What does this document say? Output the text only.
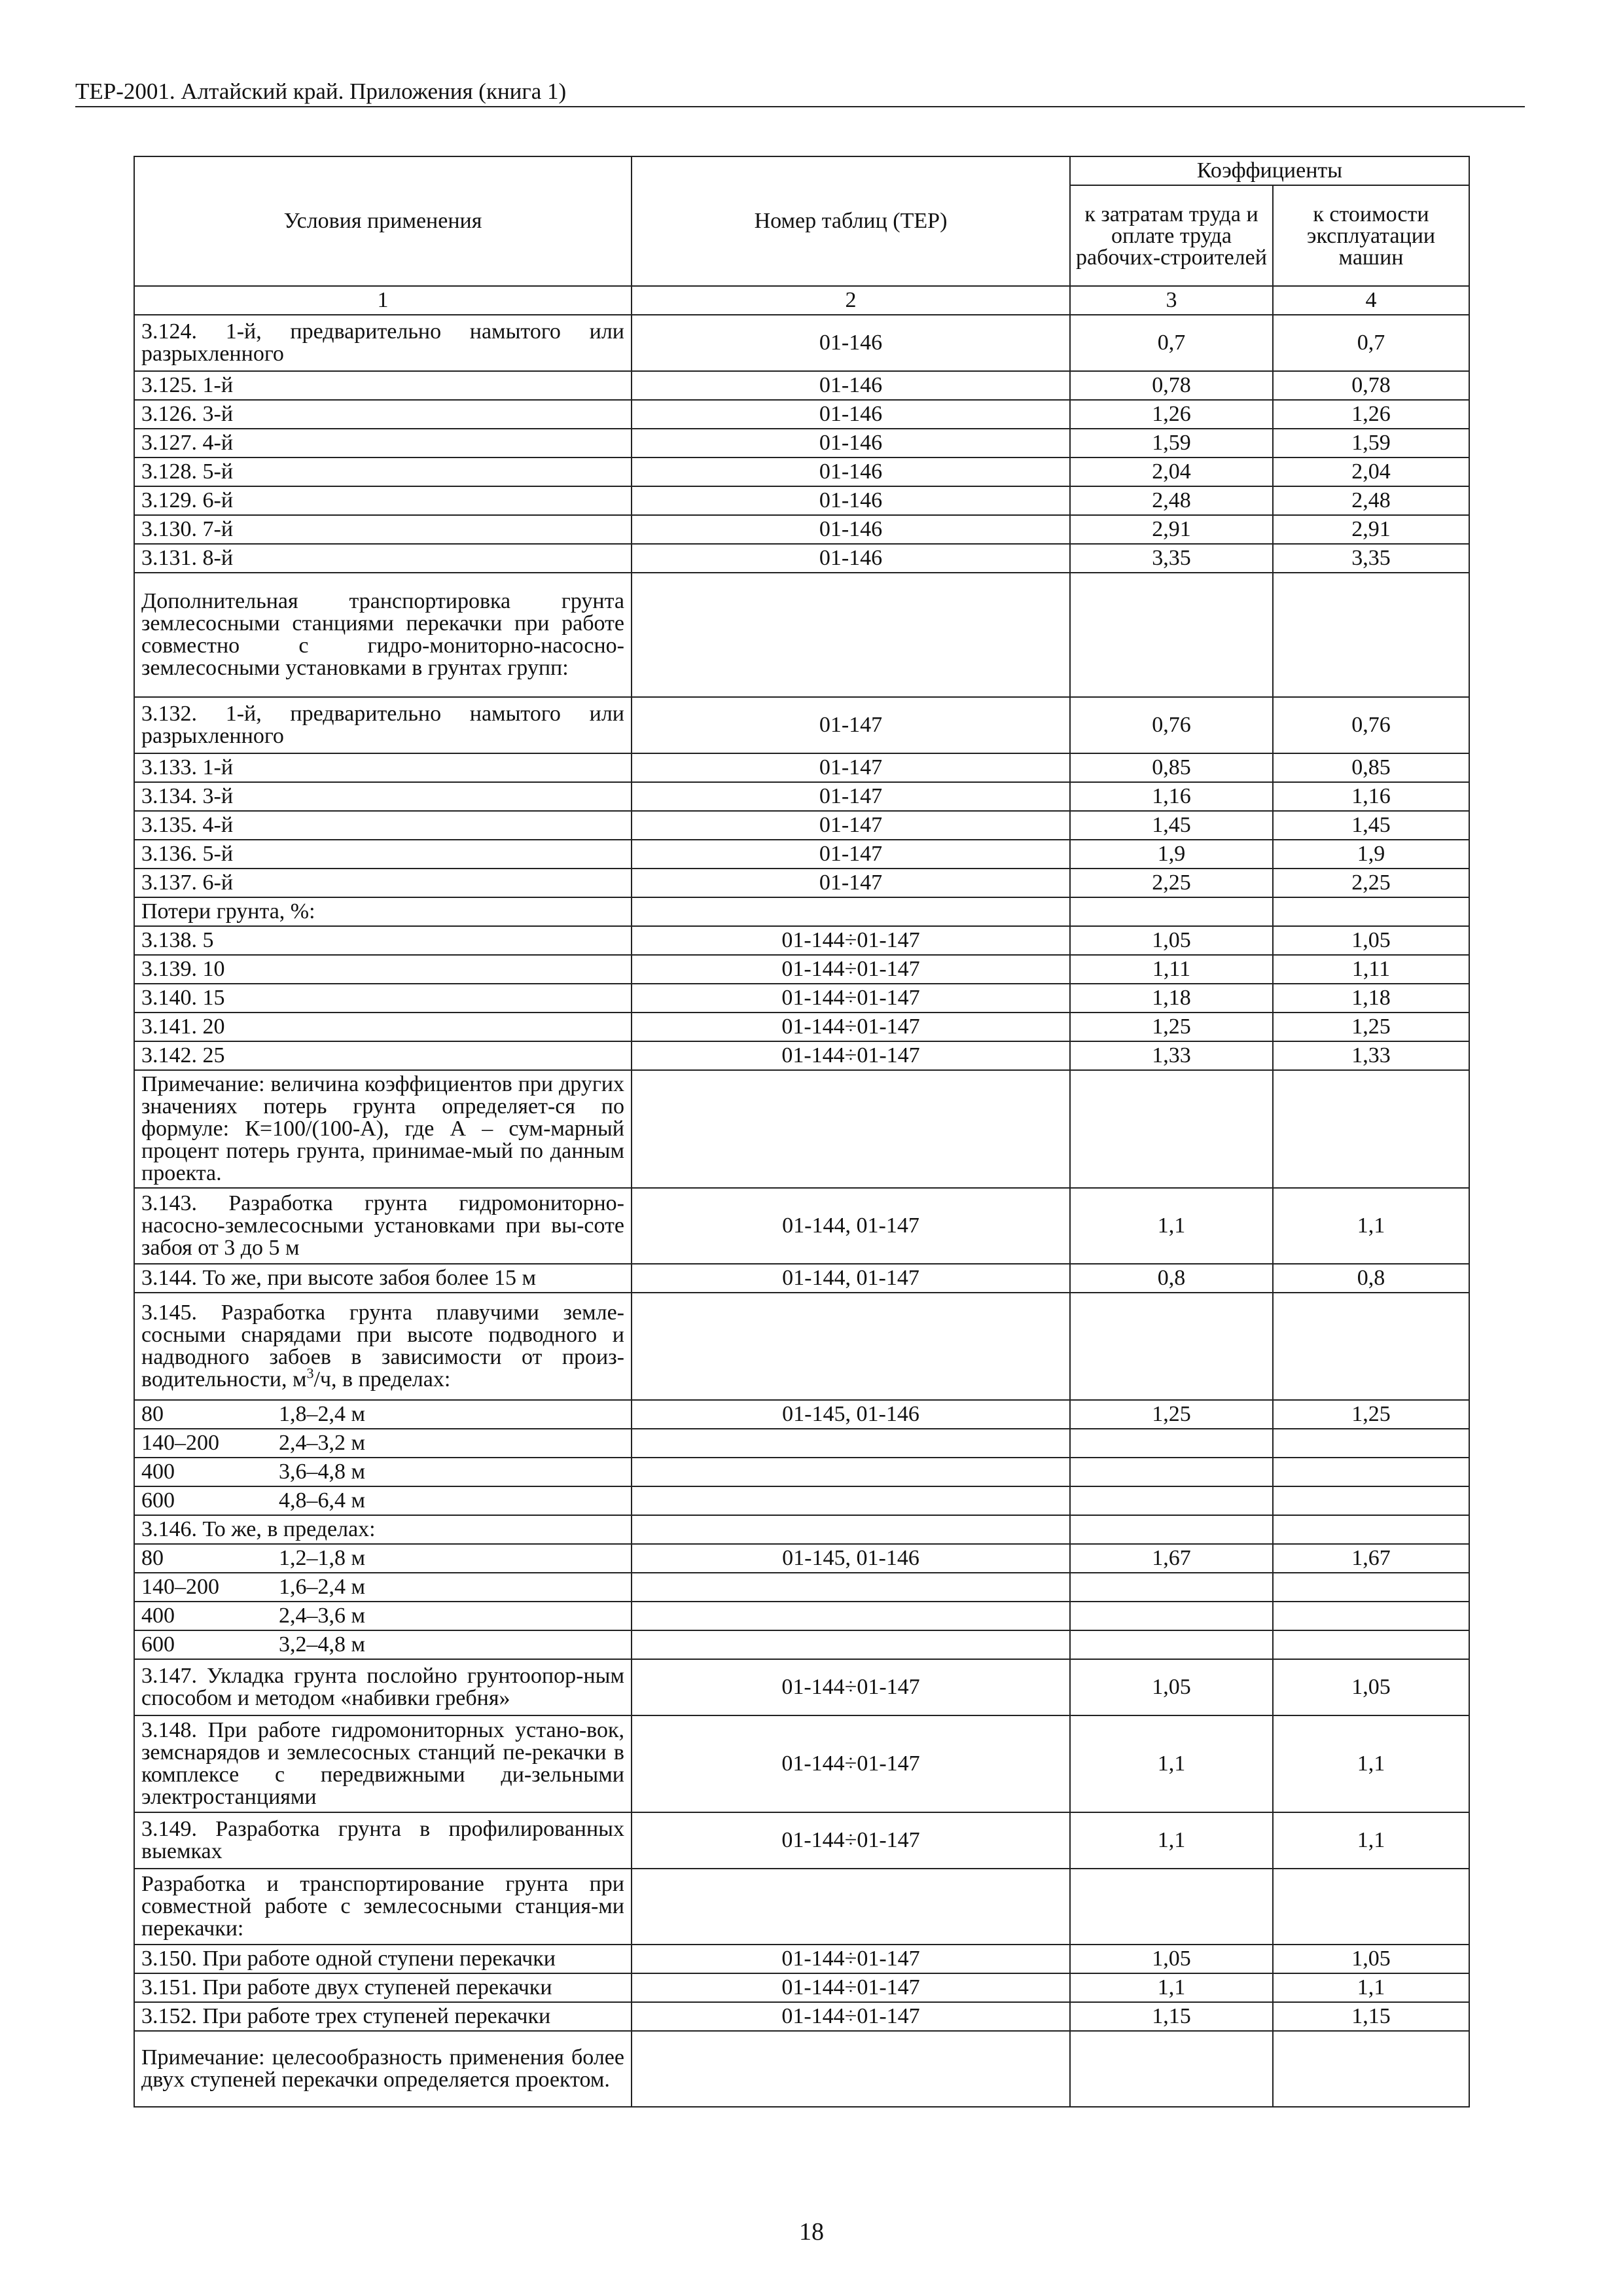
ТЕР-2001. Алтайский край. Приложения (книга 1)
Условия применения	Номер таблиц (ТЕР)	Коэффициенты	
		к затратам труда и оплате труда рабочих-строителей	к стоимости эксплуатации машин
1	2	3	4
3.124. 1-й, предварительно намытого или разрыхленного	01-146	0,7	0,7
3.125. 1-й	01-146	0,78	0,78
3.126. 3-й	01-146	1,26	1,26
3.127. 4-й	01-146	1,59	1,59
3.128. 5-й	01-146	2,04	2,04
3.129. 6-й	01-146	2,48	2,48
3.130. 7-й	01-146	2,91	2,91
3.131. 8-й	01-146	3,35	3,35
Дополнительная транспортировка грунта землесосными станциями перекачки при работе совместно с гидро-мониторно-насосно-землесосными установками в грунтах групп:			
3.132. 1-й, предварительно намытого или разрыхленного	01-147	0,76	0,76
3.133. 1-й	01-147	0,85	0,85
3.134. 3-й	01-147	1,16	1,16
3.135. 4-й	01-147	1,45	1,45
3.136. 5-й	01-147	1,9	1,9
3.137. 6-й	01-147	2,25	2,25
Потери грунта, %:			
3.138. 5	01-144÷01-147	1,05	1,05
3.139. 10	01-144÷01-147	1,11	1,11
3.140. 15	01-144÷01-147	1,18	1,18
3.141. 20	01-144÷01-147	1,25	1,25
3.142. 25	01-144÷01-147	1,33	1,33
Примечание: величина коэффициентов при других значениях потерь грунта определяет-ся по формуле: К=100/(100-А), где А – сум-марный процент потерь грунта, принимае-мый по данным проекта.			
3.143. Разработка грунта гидромониторно-насосно-землесосными установками при вы-соте забоя от 3 до 5 м	01-144, 01-147	1,1	1,1
3.144. То же, при высоте забоя более 15 м	01-144, 01-147	0,8	0,8
3.145. Разработка грунта плавучими земле-сосными снарядами при высоте подводного и надводного забоев в зависимости от произ-водительности, $м^3/ч$, в пределах:			
80 1,8–2,4 м	01-145, 01-146	1,25	1,25
140–200 2,4–3,2 м			
400 3,6–4,8 м			
600 4,8–6,4 м			
3.146. То же, в пределах:			
80 1,2–1,8 м	01-145, 01-146	1,67	1,67
140–200 1,6–2,4 м			
400 2,4–3,6 м			
600 3,2–4,8 м			
3.147. Укладка грунта послойно грунтоопор-ным способом и методом «набивки гребня»	01-144÷01-147	1,05	1,05
3.148. При работе гидромониторных устано-вок, земснарядов и землесосных станций пе-рекачки в комплексе с передвижными ди-зельными электростанциями	01-144÷01-147	1,1	1,1
3.149. Разработка грунта в профилированных выемках	01-144÷01-147	1,1	1,1
Разработка и транспортирование грунта при совместной работе с землесосными станция-ми перекачки:			
3.150. При работе одной ступени перекачки	01-144÷01-147	1,05	1,05
3.151. При работе двух ступеней перекачки	01-144÷01-147	1,1	1,1
3.152. При работе трех ступеней перекачки	01-144÷01-147	1,15	1,15
Примечание: целесообразность применения более двух ступеней перекачки определяется проектом.			
18
